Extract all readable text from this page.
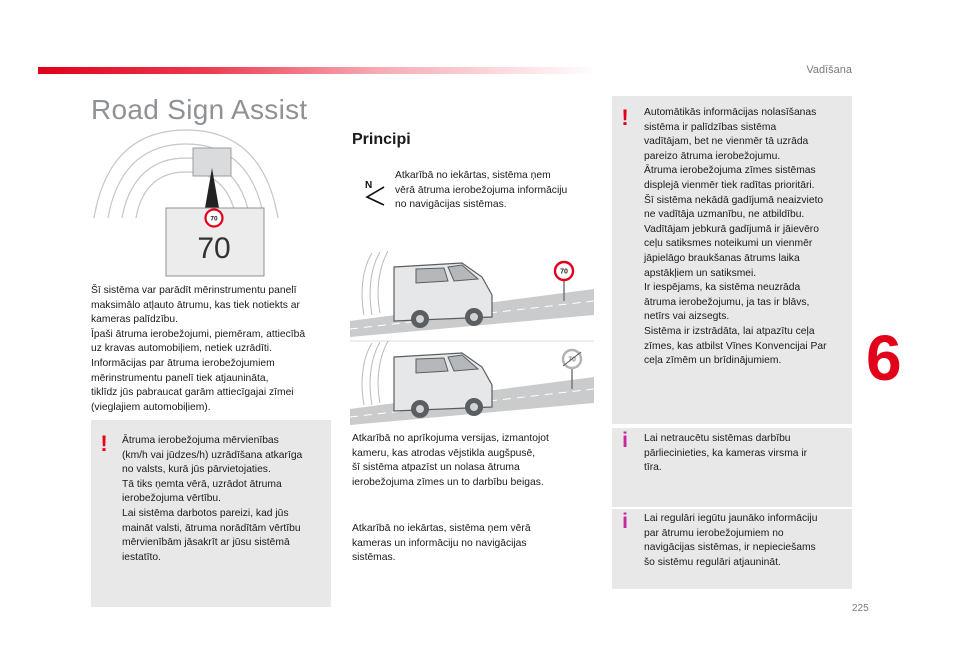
Vadīšana
Road Sign Assist
70
70

Šī sistēma var parādīt mērinstrumentu panelī
maksimālo atļauto ātrumu, kas tiek notiekts ar
kameras palīdzību.
Īpaši ātruma ierobežojumi, piemēram, attiecībā
uz kravas automobiļiem, netiek uzrādīti.
Informācijas par ātruma ierobežojumiem
mērinstrumentu panelī tiek atjaunināta,
tiklīdz jūs pabraucat garām attiecīgajai zīmei
(vieglajiem automobiļiem).

! Ātruma ierobežojuma mērvienības
(km/h vai jūdzes/h) uzrādīšana atkarīga
no valsts, kurā jūs pārvietojaties.
Tā tiks ņemta vērā, uzrādot ātruma
ierobežojuma vērtību.
Lai sistēma darbotos pareizi, kad jūs
maināt valsti, ātruma norādītām vērtību
mērvienībām jāsakrīt ar jūsu sistēmā
iestatīto.

Principi
N

Atkarībā no iekārtas, sistēma ņem
vērā ātruma ierobežojuma informāciju
no navigācijas sistēmas.

70
70

Atkarībā no aprīkojuma versijas, izmantojot
kameru, kas atrodas vējstikla augšpusē,
šī sistēma atpazīst un nolasa ātruma
ierobežojuma zīmes un to darbību beigas.

Atkarībā no iekārtas, sistēma ņem vērā
kameras un informāciju no navigācijas
sistēmas.

! Automātikās informācijas nolasīšanas
sistēma ir palīdzības sistēma
vadītājam, bet ne vienmēr tā uzrāda
pareizo ātruma ierobežojumu.
Ātruma ierobežojuma zīmes sistēmas
displejā vienmēr tiek radītas prioritāri.
Šī sistēma nekādā gadījumā neaizvieto
ne vadītāja uzmanību, ne atbildību.
Vadītājam jebkurā gadījumā ir jāievēro
ceļu satiksmes noteikumi un vienmēr
jāpielāgo braukšanas ātrums laika
apstākļiem un satiksmei.
Ir iespējams, ka sistēma neuzrāda
ātruma ierobežojumu, ja tas ir blāvs,
netīrs vai aizsegts.
Sistēma ir izstrādāta, lai atpazītu ceļa
zīmes, kas atbilst Vīnes Konvencijai Par
ceļa zīmēm un brīdinājumiem.

i Lai netraucētu sistēmas darbību
pārliecinieties, ka kameras virsma ir
tīra.

i Lai regulāri iegūtu jaunāko informāciju
par ātrumu ierobežojumiem no
navigācijas sistēmas, ir nepieciešams
šo sistēmu regulāri atjaunināt.

6
225
